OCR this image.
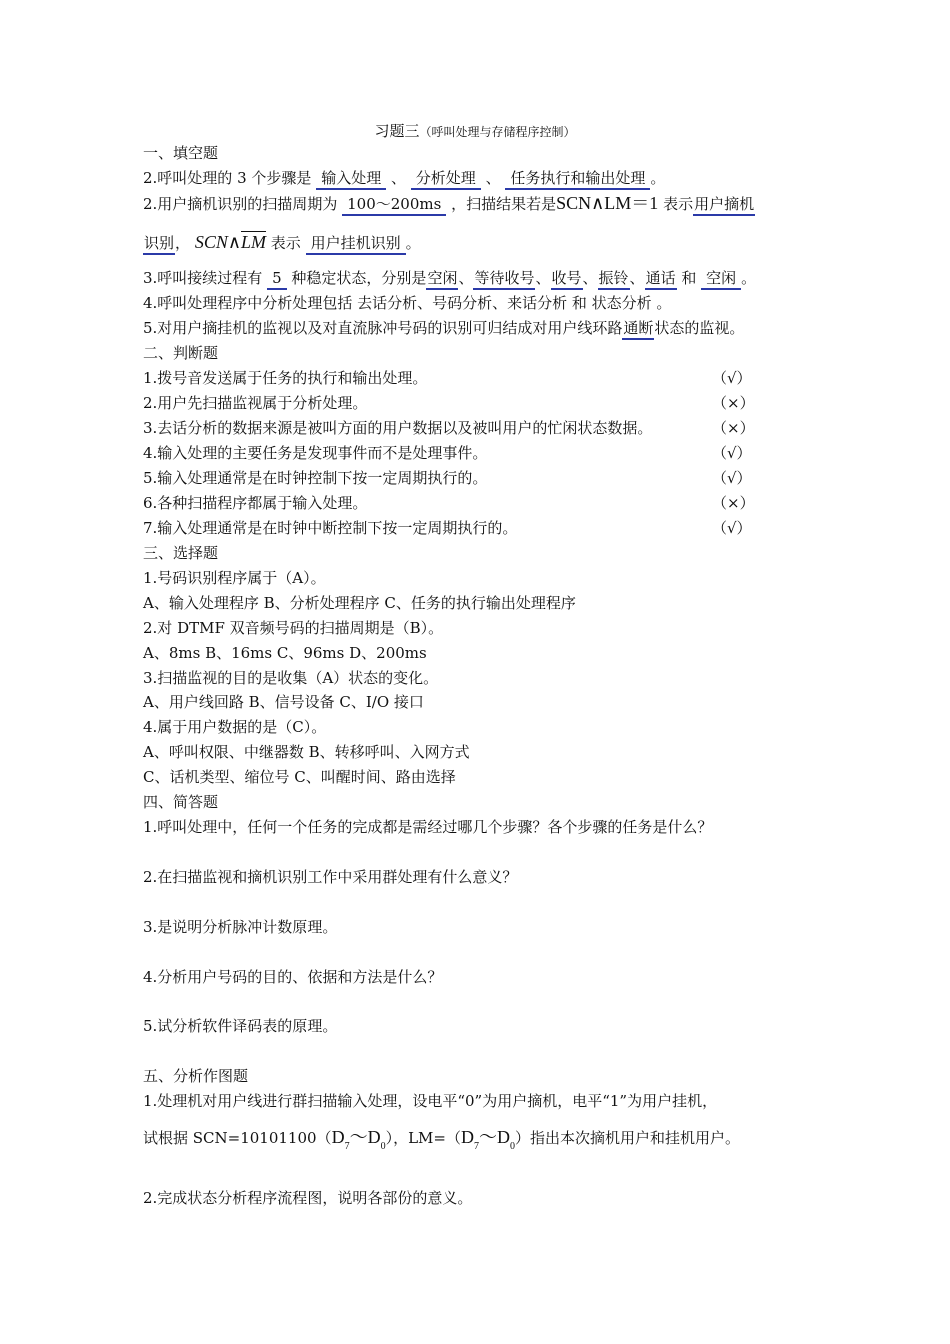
习题三（呼叫处理与存储程序控制）
一、填空题
2.呼叫处理的 3 个步骤是 输入处理 、 分析处理 、 任务执行和输出处理 。
2.用户摘机识别的扫描周期为 100～200ms ，扫描结果若是SCN∧LM＝1 表示用户摘机
识别， $SCN\wedge\overline{LM}$ 表示 用户挂机识别 。
3.呼叫接续过程有 5 种稳定状态，分别是空闲、等待收号、收号、振铃、通话 和 空闲 。
4.呼叫处理程序中分析处理包括 去话分析、号码分析、来话分析 和 状态分析 。
5.对用户摘挂机的监视以及对直流脉冲号码的识别可归结成对用户线环路通断状态的监视。
二、判断题
1.拨号音发送属于任务的执行和输出处理。	（√）
2.用户先扫描监视属于分析处理。	（×）
3.去话分析的数据来源是被叫方面的用户数据以及被叫用户的忙闲状态数据。	（×）
4.输入处理的主要任务是发现事件而不是处理事件。	（√）
5.输入处理通常是在时钟控制下按一定周期执行的。	（√）
6.各种扫描程序都属于输入处理。	（×）
7.输入处理通常是在时钟中断控制下按一定周期执行的。	（√）
三、选择题
1.号码识别程序属于（A）。
A、输入处理程序 B、分析处理程序 C、任务的执行输出处理程序
2.对 DTMF 双音频号码的扫描周期是（B）。
A、8ms B、16ms C、96ms D、200ms
3.扫描监视的目的是收集（A）状态的变化。
A、用户线回路 B、信号设备 C、I/O 接口
4.属于用户数据的是（C）。
A、呼叫权限、中继器数 B、转移呼叫、入网方式
C、话机类型、缩位号 C、叫醒时间、路由选择
四、简答题
1.呼叫处理中，任何一个任务的完成都是需经过哪几个步骤？各个步骤的任务是什么？
2.在扫描监视和摘机识别工作中采用群处理有什么意义？
3.是说明分析脉冲计数原理。
4.分析用户号码的目的、依据和方法是什么？
5.试分析软件译码表的原理。
五、分析作图题
1.处理机对用户线进行群扫描输入处理，设电平“0”为用户摘机，电平“1”为用户挂机，
试根据 $SCN=10101100(D_7\sim D_0)$，$LM=(D_7\sim D_0)$指出本次摘机用户和挂机用户。
2.完成状态分析程序流程图，说明各部份的意义。
